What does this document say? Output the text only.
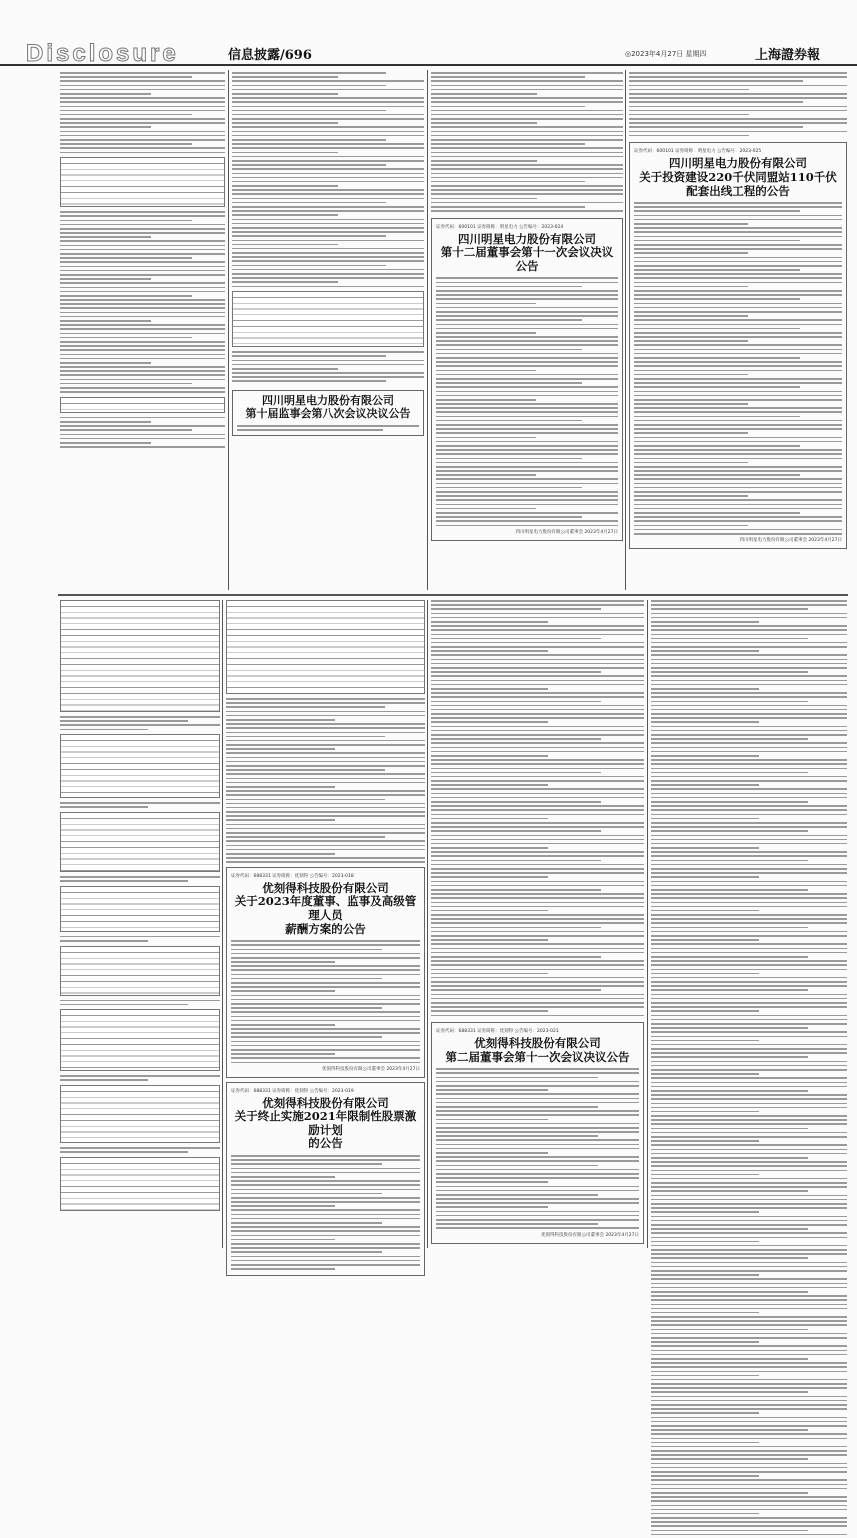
Disclosure	信息披露/696	◎2023年4月27日 星期四	上海證券報
四川明星电力股份有限公司
第十届监事会第八次会议决议公告
证券代码：600101 证券简称：明星电力 公告编号：2023-024
四川明星电力股份有限公司
第十二届董事会第十一次会议决议公告
四川明星电力股份有限公司董事会 2023年4月27日
证券代码：600101 证券简称：明星电力 公告编号：2023-025
四川明星电力股份有限公司
关于投资建设220千伏同盟站110千伏
配套出线工程的公告
四川明星电力股份有限公司董事会 2023年4月27日
证券代码：688331 证券简称：优刻得 公告编号：2023-018
优刻得科技股份有限公司
关于2023年度董事、监事及高级管理人员
薪酬方案的公告
优刻得科技股份有限公司董事会 2023年4月27日
证券代码：688331 证券简称：优刻得 公告编号：2023-019
优刻得科技股份有限公司
关于终止实施2021年限制性股票激励计划
的公告
证券代码：688331 证券简称：优刻得 公告编号：2023-021
优刻得科技股份有限公司
第二届董事会第十一次会议决议公告
优刻得科技股份有限公司董事会 2023年4月27日
